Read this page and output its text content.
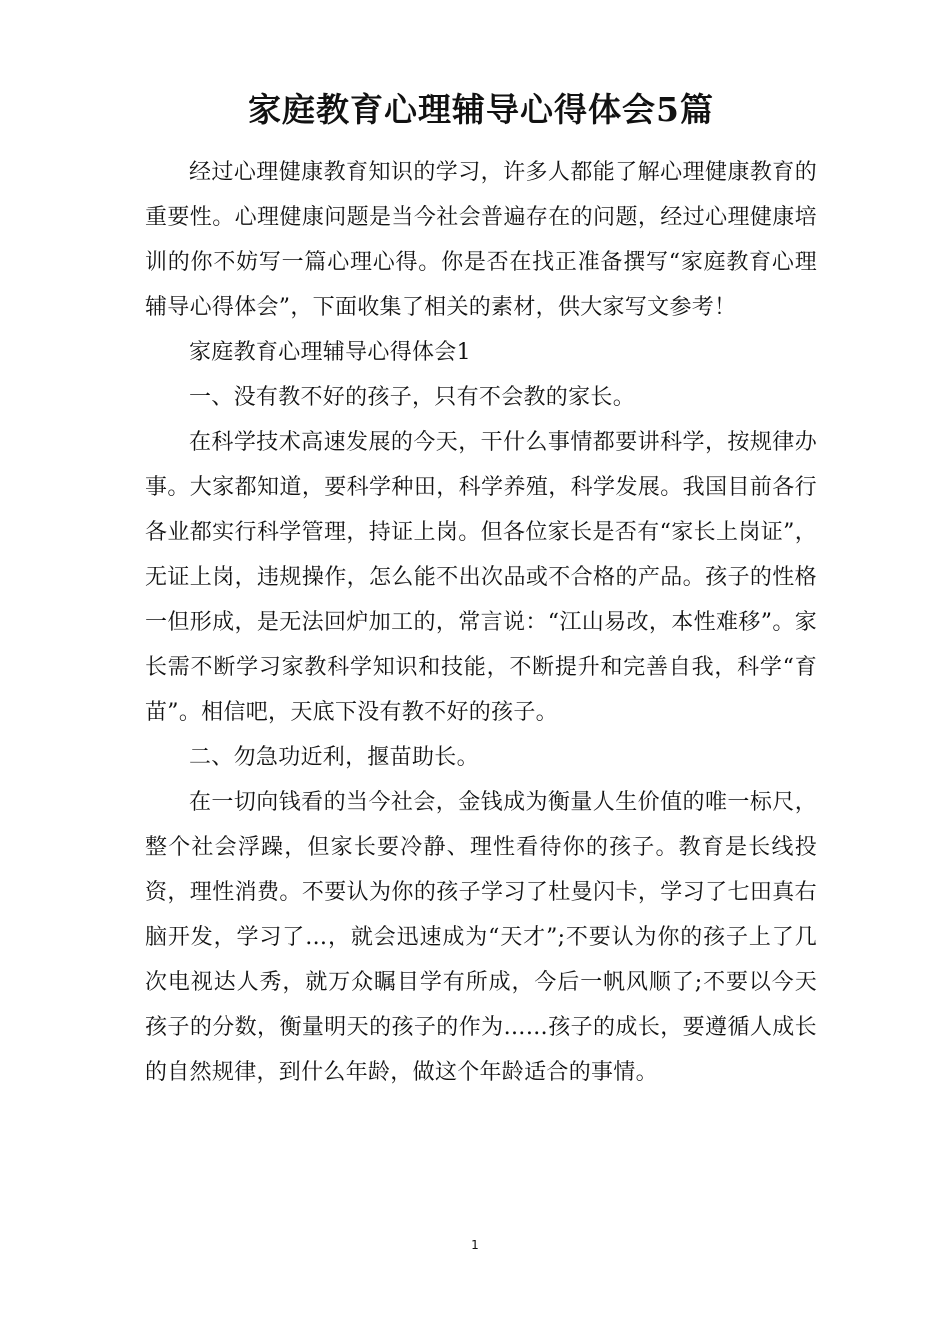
家庭教育心理辅导心得体会5篇

经过心理健康教育知识的学习，许多人都能了解心理健康教育的重要性。心理健康问题是当今社会普遍存在的问题，经过心理健康培训的你不妨写一篇心理心得。你是否在找正准备撰写“家庭教育心理辅导心得体会”，下面收集了相关的素材，供大家写文参考！

家庭教育心理辅导心得体会1

一、没有教不好的孩子，只有不会教的家长。

在科学技术高速发展的今天，干什么事情都要讲科学，按规律办事。大家都知道，要科学种田，科学养殖，科学发展。我国目前各行各业都实行科学管理，持证上岗。但各位家长是否有“家长上岗证”，无证上岗，违规操作，怎么能不出次品或不合格的产品。孩子的性格一但形成，是无法回炉加工的，常言说：“江山易改，本性难移”。家长需不断学习家教科学知识和技能，不断提升和完善自我，科学“育苗”。相信吧，天底下没有教不好的孩子。

二、勿急功近利，揠苗助长。

在一切向钱看的当今社会，金钱成为衡量人生价值的唯一标尺，整个社会浮躁，但家长要冷静、理性看待你的孩子。教育是长线投资，理性消费。不要认为你的孩子学习了杜曼闪卡，学习了七田真右脑开发，学习了…，就会迅速成为“天才”;不要认为你的孩子上了几次电视达人秀，就万众瞩目学有所成，今后一帆风顺了;不要以今天孩子的分数，衡量明天的孩子的作为……孩子的成长，要遵循人成长的自然规律，到什么年龄，做这个年龄适合的事情。

1
